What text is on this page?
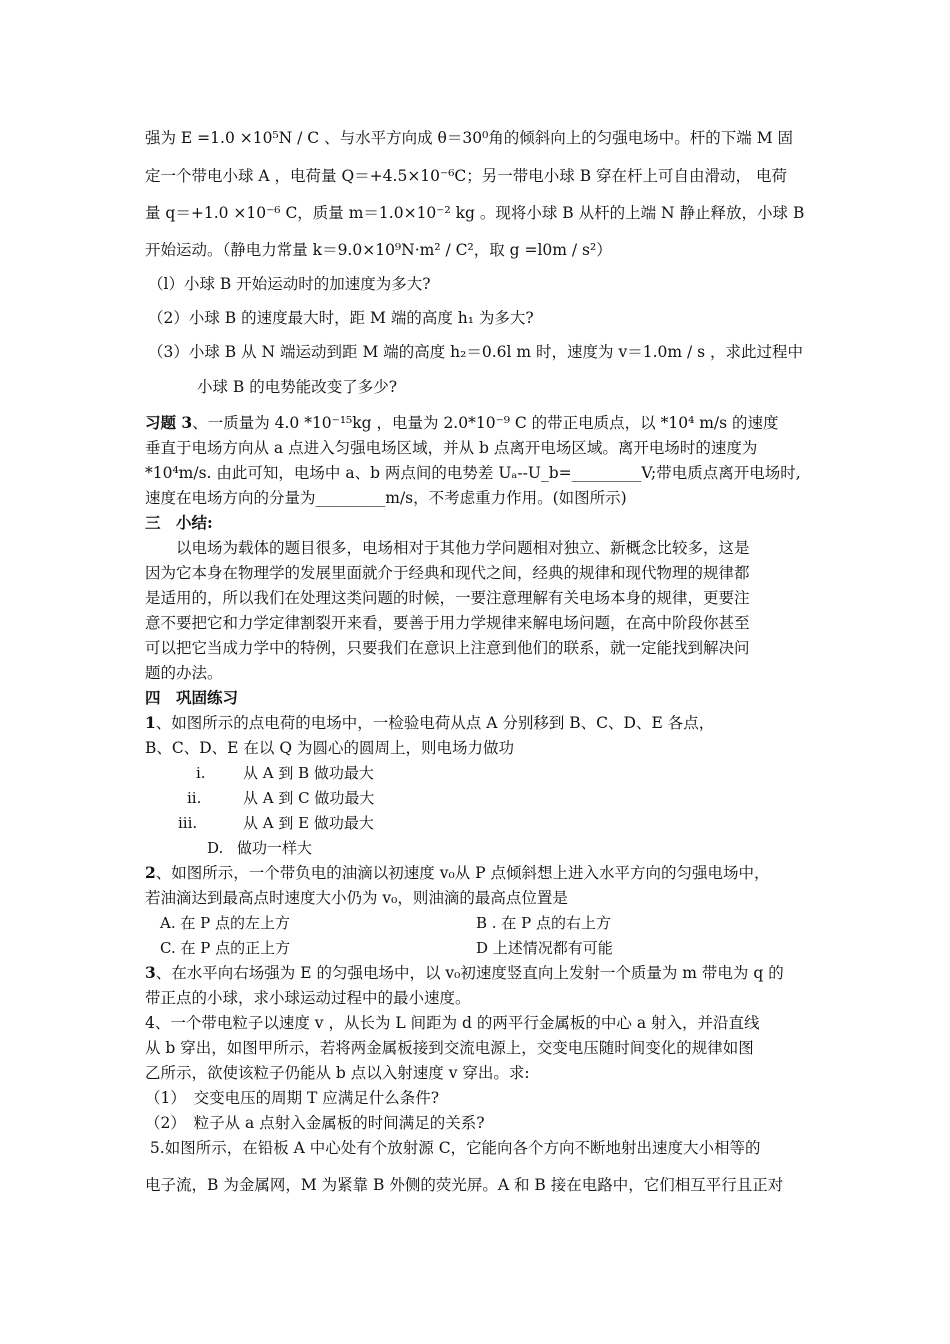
强为 E =1.0 ×10⁵N / C 、与水平方向成 θ＝30⁰角的倾斜向上的匀强电场中。杆的下端 M 固
定一个带电小球 A ，电荷量 Q＝+4.5×10⁻⁶C；另一带电小球 B 穿在杆上可自由滑动， 电荷
量 q＝+1.0 ×10⁻⁶ C，质量 m＝1.0×10⁻² kg 。现将小球 B 从杆的上端 N 静止释放，小球 B
开始运动。（静电力常量 k＝9.0×10⁹N·m² / C²，取 g =l0m / s²）
（l）小球 B 开始运动时的加速度为多大?
（2）小球 B 的速度最大时，距 M 端的高度 h₁ 为多大?
（3）小球 B 从 N 端运动到距 M 端的高度 h₂＝0.6l m 时，速度为 v＝1.0m / s ，求此过程中
小球 B 的电势能改变了多少?
习题 3、一质量为 4.0 *10⁻¹⁵kg ，电量为 2.0*10⁻⁹ C 的带正电质点，以 *10⁴ m/s 的速度
垂直于电场方向从 a 点进入匀强电场区域，并从 b 点离开电场区域。离开电场时的速度为
*10⁴m/s. 由此可知，电场中 a、b 两点间的电势差 Uₐ--U_b=_________V;带电质点离开电场时,
速度在电场方向的分量为_________m/s，不考虑重力作用。(如图所示)
三　小结:
　　以电场为载体的题目很多，电场相对于其他力学问题相对独立、新概念比较多，这是
因为它本身在物理学的发展里面就介于经典和现代之间，经典的规律和现代物理的规律都
是适用的，所以我们在处理这类问题的时候，一要注意理解有关电场本身的规律，更要注
意不要把它和力学定律割裂开来看，要善于用力学规律来解电场问题，在高中阶段你甚至
可以把它当成力学中的特例，只要我们在意识上注意到他们的联系，就一定能找到解决问
题的办法。
四　巩固练习
1、如图所示的点电荷的电场中，一检验电荷从点 A 分别移到 B、C、D、E 各点，
B、C、D、E 在以 Q 为圆心的圆周上，则电场力做功
i. 从 A 到 B 做功最大
ii.	从 A 到 C 做功最大
iii.	从 A 到 E 做功最大
D. 做功一样大
2、如图所示，一个带负电的油滴以初速度 v₀从 P 点倾斜想上进入水平方向的匀强电场中，
若油滴达到最高点时速度大小仍为 v₀，则油滴的最高点位置是
A. 在 P 点的左上方	B . 在 P 点的右上方
C. 在 P 点的正上方	D 上述情况都有可能
3、在水平向右场强为 E 的匀强电场中，以 v₀初速度竖直向上发射一个质量为 m 带电为 q 的
带正点的小球，求小球运动过程中的最小速度。
4、一个带电粒子以速度 v ，从长为 L 间距为 d 的两平行金属板的中心 a 射入，并沿直线
从 b 穿出，如图甲所示，若将两金属板接到交流电源上，交变电压随时间变化的规律如图
乙所示，欲使该粒子仍能从 b 点以入射速度 v 穿出。求:
（1）　交变电压的周期 T 应满足什么条件?
（2）　粒子从 a 点射入金属板的时间满足的关系?
5.如图所示，在铅板 A 中心处有个放射源 C，它能向各个方向不断地射出速度大小相等的
电子流，B 为金属网，M 为紧靠 B 外侧的荧光屏。A 和 B 接在电路中，它们相互平行且正对
